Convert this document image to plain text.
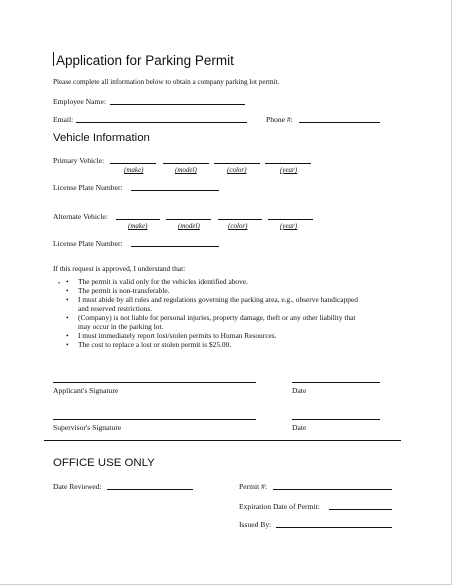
Application for Parking Permit
Please complete all information below to obtain a company parking lot permit.
Employee Name:
Email:	Phone #:
Vehicle Information
Primary Vehicle:
(make)	(model)	(color)	(year)
License Plate Number:
Alternate Vehicle:
(make)	(model)	(color)	(year)
License Plate Number:
If this request is approved, I understand that:
•
•	The permit is valid only for the vehicles identified above.
• The permit is non-transferable.
• I must abide by all rules and regulations governing the parking area, e.g., observe handicapped and reserved restrictions.
• (Company) is not liable for personal injuries, property damage, theft or any other liability that may occur in the parking lot.
• I must immediately report lost/stolen permits to Human Resources.
• The cost to replace a lost or stolen permit is $25.00.
Applicant's Signature	Date
Supervisor's Signature	Date
OFFICE USE ONLY
Date Reviewed:	Permit #:
Expiration Date of Permit:
Issued By:
